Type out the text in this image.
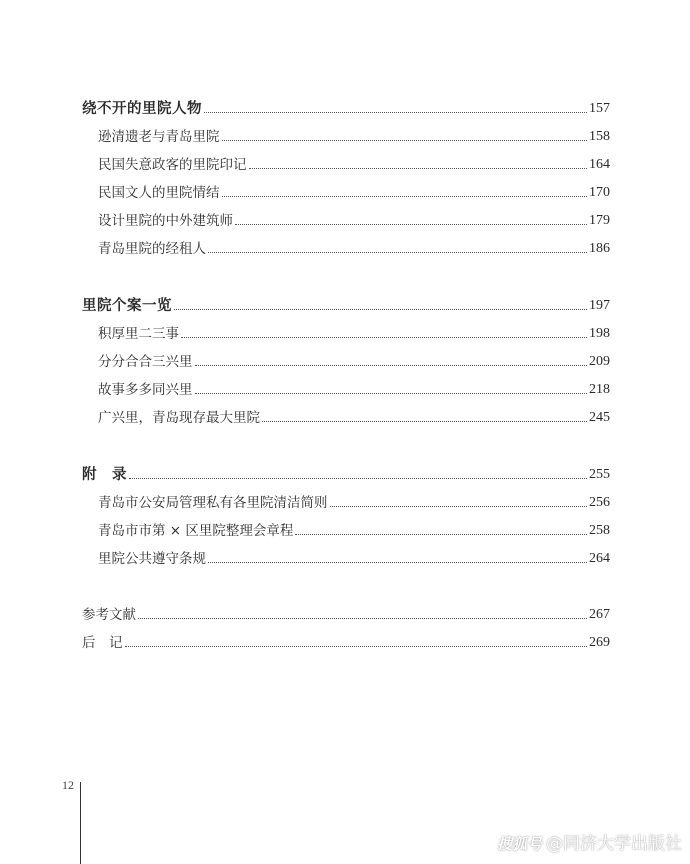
绕不开的里院人物	157
逊清遗老与青岛里院	158
民国失意政客的里院印记	164
民国文人的里院情结	170
设计里院的中外建筑师	179
青岛里院的经租人	186
里院个案一览	197
积厚里二三事	198
分分合合三兴里	209
故事多多同兴里	218
广兴里，青岛现存最大里院	245
附　录	255
青岛市公安局管理私有各里院清洁简则	256
青岛市市第 × 区里院整理会章程	258
里院公共遵守条规	264
参考文献	267
后　记	269
12
搜狐号 @同济大学出版社
